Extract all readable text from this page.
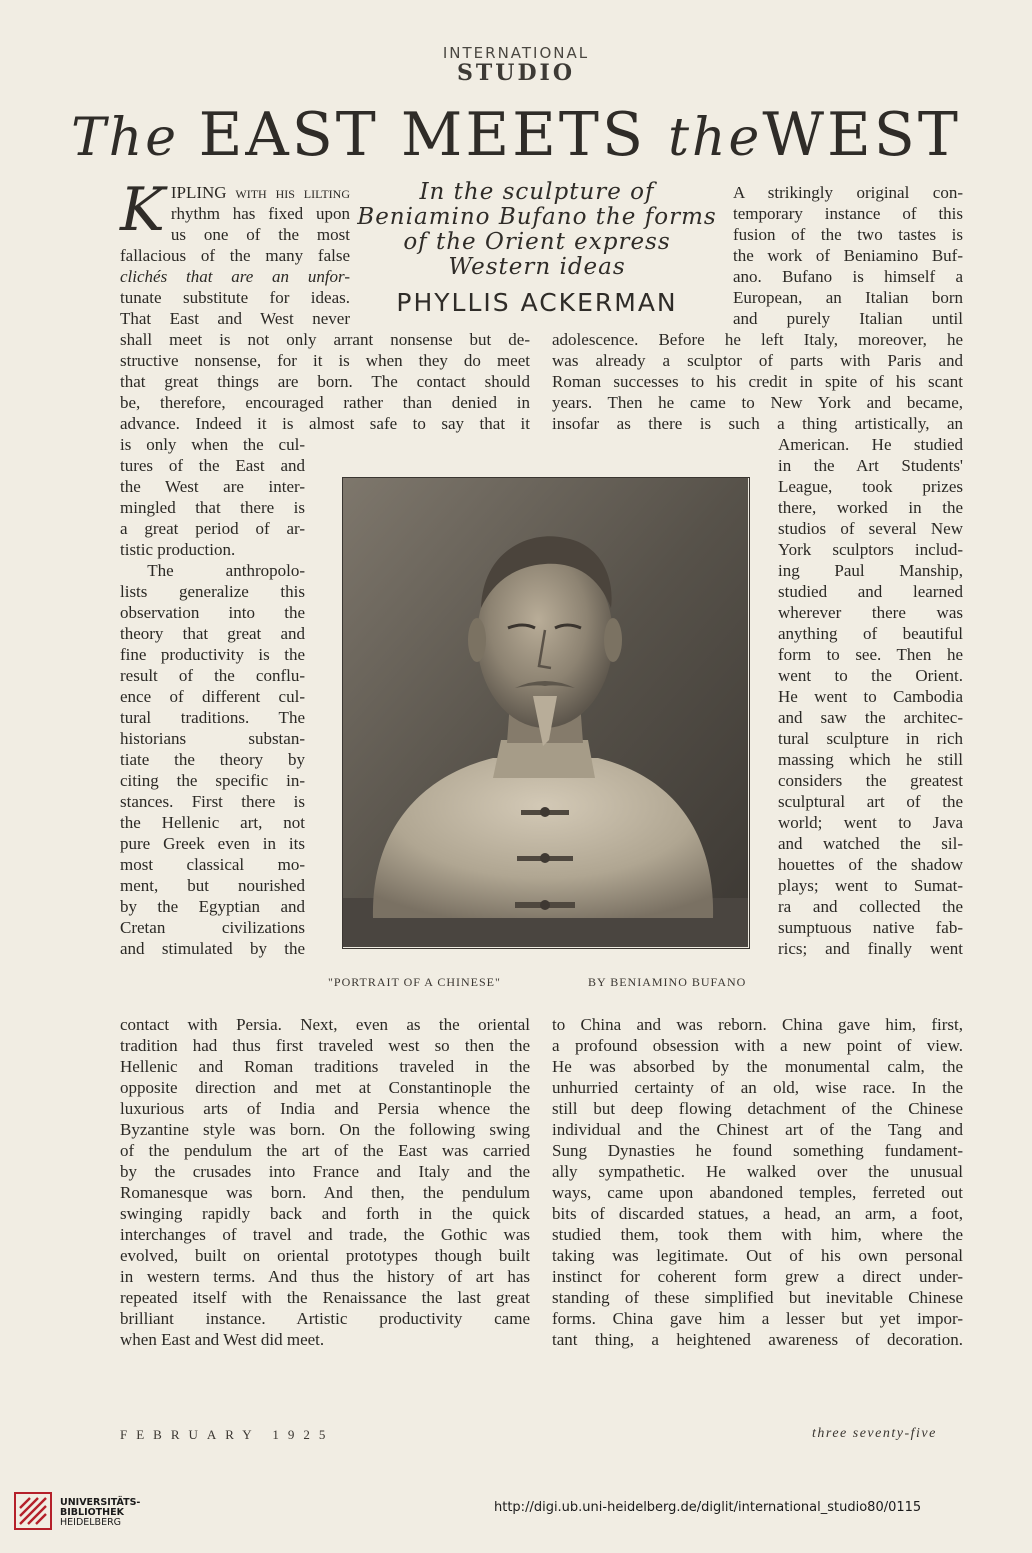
INTERNATIONAL
STUDIO
The EAST MEETS theWEST
In the sculpture of Beniamino Bufano the forms of the Orient express Western ideas
PHYLLIS ACKERMAN
K IPLING with his lilting

rhythm has fixed upon

us one of the most

fallacious of the many false

clichés that are an unfor-

tunate substitute for ideas.

That East and West never

A strikingly original con-

temporary instance of this

fusion of the two tastes is

the work of Beniamino Buf-

ano. Bufano is himself a

European, an Italian born

and purely Italian until

shall meet is not only arrant nonsense but de-

structive nonsense, for it is when they do meet

that great things are born. The contact should

be, therefore, encouraged rather than denied in

advance. Indeed it is almost safe to say that it

adolescence. Before he left Italy, moreover, he

was already a sculptor of parts with Paris and

Roman successes to his credit in spite of his scant

years. Then he came to New York and became,

insofar as there is such a thing artistically, an

is only when the cul-

tures of the East and

the West are inter-

mingled that there is

a great period of ar-

tistic production.

The anthropolo-

lists generalize this

observation into the

theory that great and

fine productivity is the

result of the conflu-

ence of different cul-

tural traditions. The

historians substan-

tiate the theory by

citing the specific in-

stances. First there is

the Hellenic art, not

pure Greek even in its

most classical mo-

ment, but nourished

by the Egyptian and

Cretan civilizations

and stimulated by the

American. He studied

in the Art Students'

League, took prizes

there, worked in the

studios of several New

York sculptors includ-

ing Paul Manship,

studied and learned

wherever there was

anything of beautiful

form to see. Then he

went to the Orient.

He went to Cambodia

and saw the architec-

tural sculpture in rich

massing which he still

considers the greatest

sculptural art of the

world; went to Java

and watched the sil-

houettes of the shadow

plays; went to Sumat-

ra and collected the

sumptuous native fab-

rics; and finally went

"PORTRAIT OF A CHINESE"	BY BENIAMINO BUFANO

contact with Persia. Next, even as the oriental

tradition had thus first traveled west so then the

Hellenic and Roman traditions traveled in the

opposite direction and met at Constantinople the

luxurious arts of India and Persia whence the

Byzantine style was born. On the following swing

of the pendulum the art of the East was carried

by the crusades into France and Italy and the

Romanesque was born. And then, the pendulum

swinging rapidly back and forth in the quick

interchanges of travel and trade, the Gothic was

evolved, built on oriental prototypes though built

in western terms. And thus the history of art has

repeated itself with the Renaissance the last great

brilliant instance. Artistic productivity came

when East and West did meet.

to China and was reborn. China gave him, first,

a profound obsession with a new point of view.

He was absorbed by the monumental calm, the

unhurried certainty of an old, wise race. In the

still but deep flowing detachment of the Chinese

individual and the Chinest art of the Tang and

Sung Dynasties he found something fundament-

ally sympathetic. He walked over the unusual

ways, came upon abandoned temples, ferreted out

bits of discarded statues, a head, an arm, a foot,

studied them, took them with him, where the

taking was legitimate. Out of his own personal

instinct for coherent form grew a direct under-

standing of these simplified but inevitable Chinese

forms. China gave him a lesser but yet impor-

tant thing, a heightened awareness of decoration.

FEBRUARY 1925	three seventy-five
UNIVERSITÄTS-
BIBLIOTHEK
HEIDELBERG
http://digi.ub.uni-heidelberg.de/diglit/international_studio80/0115
